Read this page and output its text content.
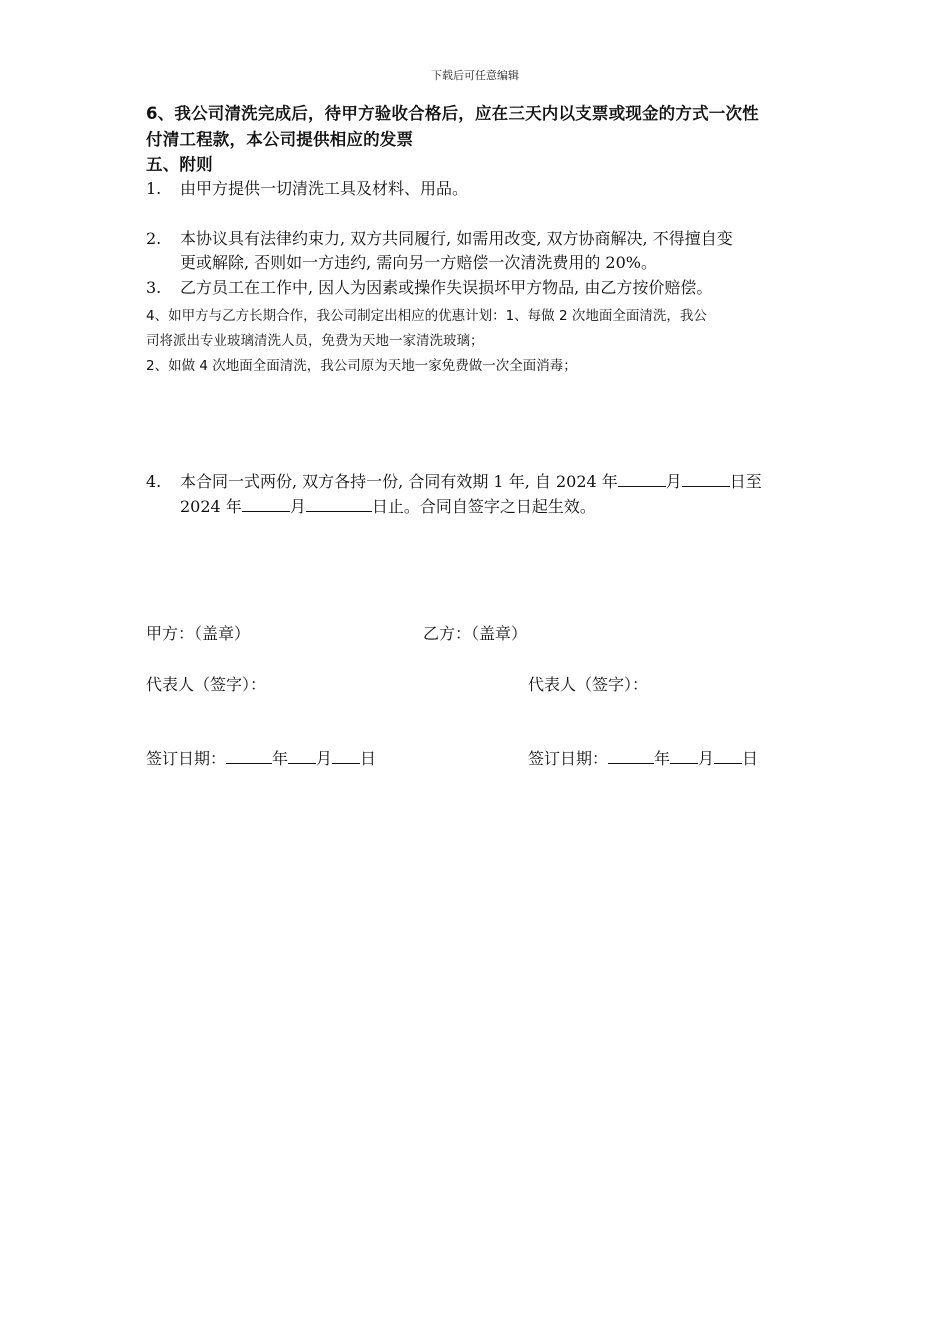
下载后可任意编辑
6、我公司清洗完成后，待甲方验收合格后，应在三天内以支票或现金的方式一次性
付清工程款，本公司提供相应的发票
五、附则
1. 由甲方提供一切清洗工具及材料、用品。
2. 本协议具有法律约束力, 双方共同履行, 如需用改变, 双方协商解决, 不得擅自变
更或解除, 否则如一方违约, 需向另一方赔偿一次清洗费用的 20%。
3. 乙方员工在工作中, 因人为因素或操作失误损坏甲方物品, 由乙方按价赔偿。
4、如甲方与乙方长期合作，我公司制定出相应的优惠计划：1、每做 2 次地面全面清洗，我公
司将派出专业玻璃清洗人员，免费为天地一家清洗玻璃；
2、如做 4 次地面全面清洗，我公司原为天地一家免费做一次全面消毒；
4. 本合同一式两份, 双方各持一份, 合同有效期 1 年, 自 2024 年	月	日至
2024 年	月	日止。合同自签字之日起生效。
甲方：（盖章）	乙方：（盖章）
代表人（签字）：	代表人（签字）：
签订日期：	年 月 日	签订日期：	年 月 日
